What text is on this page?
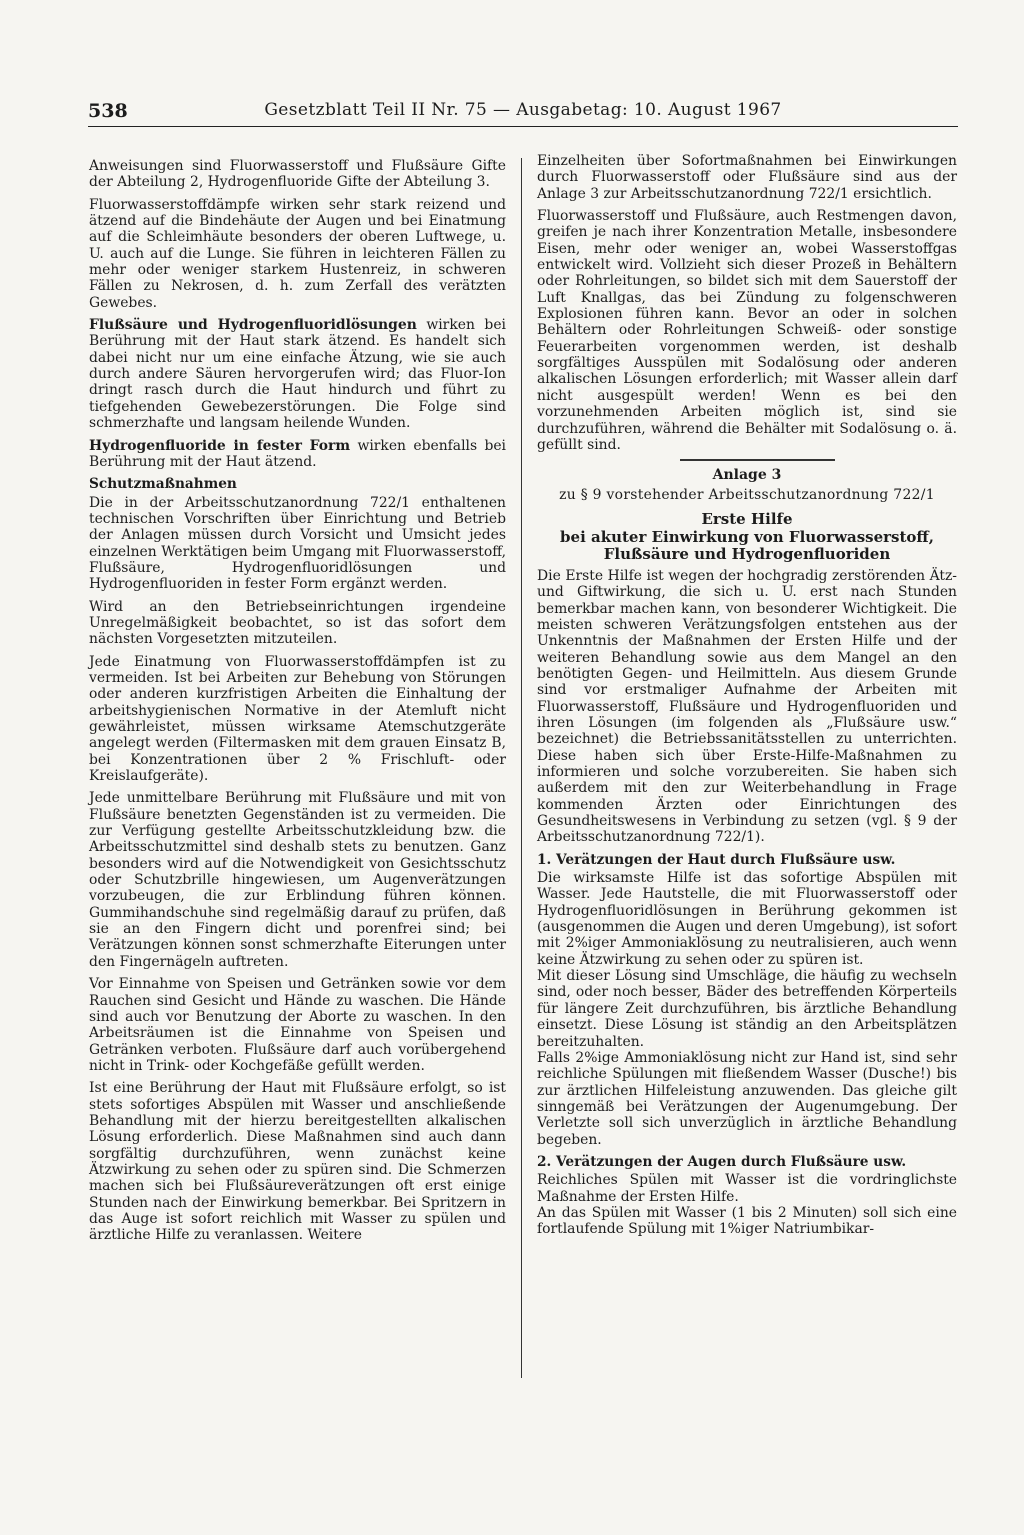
538	Gesetzblatt Teil II Nr. 75 — Ausgabetag: 10. August 1967

Anweisungen sind Fluorwasserstoff und Flußsäure Gifte der Abteilung 2, Hydrogenfluoride Gifte der Abteilung 3.

Fluorwasserstoffdämpfe wirken sehr stark reizend und ätzend auf die Bindehäute der Augen und bei Einatmung auf die Schleimhäute besonders der oberen Luftwege, u. U. auch auf die Lunge. Sie führen in leichteren Fällen zu mehr oder weniger starkem Hustenreiz, in schweren Fällen zu Nekrosen, d. h. zum Zerfall des verätzten Gewebes.

Flußsäure und Hydrogenfluoridlösungen wirken bei Berührung mit der Haut stark ätzend. Es handelt sich dabei nicht nur um eine einfache Ätzung, wie sie auch durch andere Säuren hervorgerufen wird; das Fluor-Ion dringt rasch durch die Haut hindurch und führt zu tiefgehenden Gewebezerstörungen. Die Folge sind schmerzhafte und langsam heilende Wunden.

Hydrogenfluoride in fester Form wirken ebenfalls bei Berührung mit der Haut ätzend.

Schutzmaßnahmen

Die in der Arbeitsschutzanordnung 722/1 enthaltenen technischen Vorschriften über Einrichtung und Betrieb der Anlagen müssen durch Vorsicht und Umsicht jedes einzelnen Werktätigen beim Umgang mit Fluorwasserstoff, Flußsäure, Hydrogenfluoridlösungen und Hydrogenfluoriden in fester Form ergänzt werden.

Wird an den Betriebseinrichtungen irgendeine Unregelmäßigkeit beobachtet, so ist das sofort dem nächsten Vorgesetzten mitzuteilen.

Jede Einatmung von Fluorwasserstoffdämpfen ist zu vermeiden. Ist bei Arbeiten zur Behebung von Störungen oder anderen kurzfristigen Arbeiten die Einhaltung der arbeitshygienischen Normative in der Atemluft nicht gewährleistet, müssen wirksame Atemschutzgeräte angelegt werden (Filtermasken mit dem grauen Einsatz B, bei Konzentrationen über 2 % Frischluft- oder Kreislaufgeräte).

Jede unmittelbare Berührung mit Flußsäure und mit von Flußsäure benetzten Gegenständen ist zu vermeiden. Die zur Verfügung gestellte Arbeitsschutzkleidung bzw. die Arbeitsschutzmittel sind deshalb stets zu benutzen. Ganz besonders wird auf die Notwendigkeit von Gesichtsschutz oder Schutzbrille hingewiesen, um Augenverätzungen vorzubeugen, die zur Erblindung führen können. Gummihandschuhe sind regelmäßig darauf zu prüfen, daß sie an den Fingern dicht und porenfrei sind; bei Verätzungen können sonst schmerzhafte Eiterungen unter den Fingernägeln auftreten.

Vor Einnahme von Speisen und Getränken sowie vor dem Rauchen sind Gesicht und Hände zu waschen. Die Hände sind auch vor Benutzung der Aborte zu waschen. In den Arbeitsräumen ist die Einnahme von Speisen und Getränken verboten. Flußsäure darf auch vorübergehend nicht in Trink- oder Kochgefäße gefüllt werden.

Ist eine Berührung der Haut mit Flußsäure erfolgt, so ist stets sofortiges Abspülen mit Wasser und anschließende Behandlung mit der hierzu bereitgestellten alkalischen Lösung erforderlich. Diese Maßnahmen sind auch dann sorgfältig durchzuführen, wenn zunächst keine Ätzwirkung zu sehen oder zu spüren sind. Die Schmerzen machen sich bei Flußsäureverätzungen oft erst einige Stunden nach der Einwirkung bemerkbar. Bei Spritzern in das Auge ist sofort reichlich mit Wasser zu spülen und ärztliche Hilfe zu veranlassen. Weitere

Einzelheiten über Sofortmaßnahmen bei Einwirkungen durch Fluorwasserstoff oder Flußsäure sind aus der Anlage 3 zur Arbeitsschutzanordnung 722/1 ersichtlich.

Fluorwasserstoff und Flußsäure, auch Restmengen davon, greifen je nach ihrer Konzentration Metalle, insbesondere Eisen, mehr oder weniger an, wobei Wasserstoffgas entwickelt wird. Vollzieht sich dieser Prozeß in Behältern oder Rohrleitungen, so bildet sich mit dem Sauerstoff der Luft Knallgas, das bei Zündung zu folgenschweren Explosionen führen kann. Bevor an oder in solchen Behältern oder Rohrleitungen Schweiß- oder sonstige Feuerarbeiten vorgenommen werden, ist deshalb sorgfältiges Ausspülen mit Sodalösung oder anderen alkalischen Lösungen erforderlich; mit Wasser allein darf nicht ausgespült werden! Wenn es bei den vorzunehmenden Arbeiten möglich ist, sind sie durchzuführen, während die Behälter mit Sodalösung o. ä. gefüllt sind.

Anlage 3
zu § 9 vorstehender Arbeitsschutzanordnung 722/1
Erste Hilfe
bei akuter Einwirkung von Fluorwasserstoff,
Flußsäure und Hydrogenfluoriden

Die Erste Hilfe ist wegen der hochgradig zerstörenden Ätz- und Giftwirkung, die sich u. U. erst nach Stunden bemerkbar machen kann, von besonderer Wichtigkeit. Die meisten schweren Verätzungsfolgen entstehen aus der Unkenntnis der Maßnahmen der Ersten Hilfe und der weiteren Behandlung sowie aus dem Mangel an den benötigten Gegen- und Heilmitteln. Aus diesem Grunde sind vor erstmaliger Aufnahme der Arbeiten mit Fluorwasserstoff, Flußsäure und Hydrogenfluoriden und ihren Lösungen (im folgenden als „Flußsäure usw.“ bezeichnet) die Betriebssanitätsstellen zu unterrichten. Diese haben sich über Erste-Hilfe-Maßnahmen zu informieren und solche vorzubereiten. Sie haben sich außerdem mit den zur Weiterbehandlung in Frage kommenden Ärzten oder Einrichtungen des Gesundheitswesens in Verbindung zu setzen (vgl. § 9 der Arbeitsschutzanordnung 722/1).

1. Verätzungen der Haut durch Flußsäure usw.

Die wirksamste Hilfe ist das sofortige Abspülen mit Wasser. Jede Hautstelle, die mit Fluorwasserstoff oder Hydrogenfluoridlösungen in Berührung gekommen ist (ausgenommen die Augen und deren Umgebung), ist sofort mit 2%iger Ammoniaklösung zu neutralisieren, auch wenn keine Ätzwirkung zu sehen oder zu spüren ist.

Mit dieser Lösung sind Umschläge, die häufig zu wechseln sind, oder noch besser, Bäder des betreffenden Körperteils für längere Zeit durchzuführen, bis ärztliche Behandlung einsetzt. Diese Lösung ist ständig an den Arbeitsplätzen bereitzuhalten.

Falls 2%ige Ammoniaklösung nicht zur Hand ist, sind sehr reichliche Spülungen mit fließendem Wasser (Dusche!) bis zur ärztlichen Hilfeleistung anzuwenden. Das gleiche gilt sinngemäß bei Verätzungen der Augenumgebung. Der Verletzte soll sich unverzüglich in ärztliche Behandlung begeben.

2. Verätzungen der Augen durch Flußsäure usw.

Reichliches Spülen mit Wasser ist die vordringlichste Maßnahme der Ersten Hilfe.

An das Spülen mit Wasser (1 bis 2 Minuten) soll sich eine fortlaufende Spülung mit 1%iger Natriumbikar-
